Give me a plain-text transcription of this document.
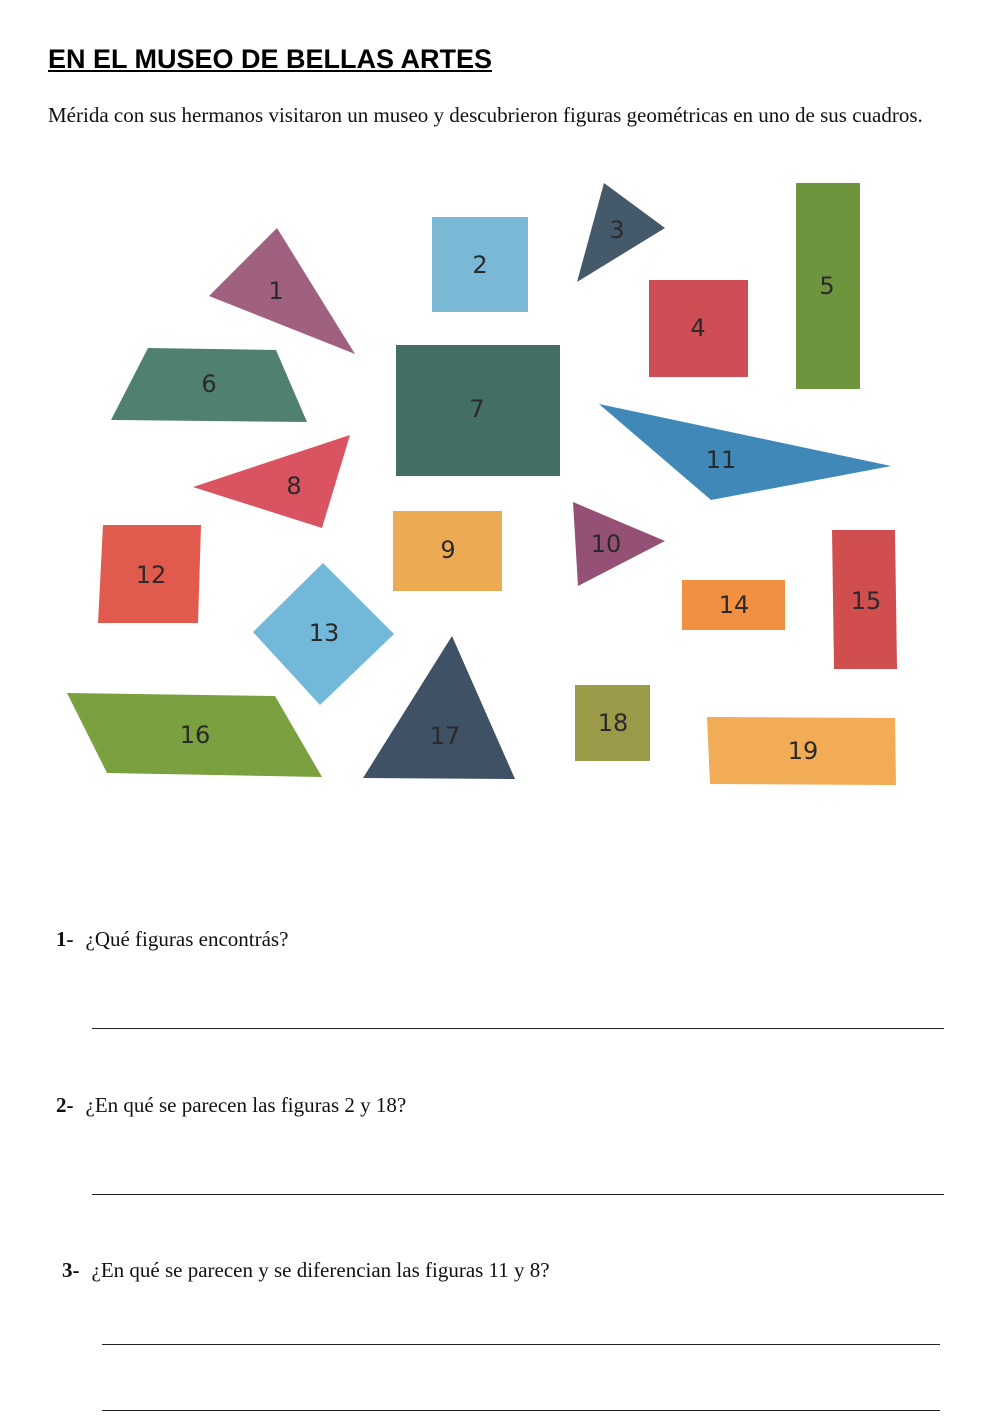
EN EL MUSEO DE BELLAS ARTES
Mérida con sus hermanos visitaron un museo y descubrieron figuras geométricas en uno de sus cuadros.
1
2
3
4
5
6
7
8
9	10
11
12
13
14	15
16	17	18
19
1- ¿Qué figuras encontrás?
2- ¿En qué se parecen las figuras 2 y 18?
3- ¿En qué se parecen y se diferencian las figuras 11 y 8?
